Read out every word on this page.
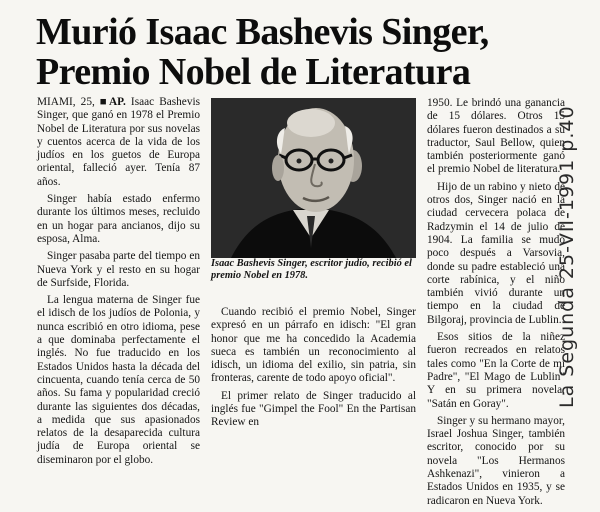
Murió Isaac Bashevis Singer,
Premio Nobel de Literatura

MIAMI, 25, ■AP. Isaac Bashevis Singer, que ganó en 1978 el Premio Nobel de Literatura por sus novelas y cuentos acerca de la vida de los judíos en los guetos de Europa oriental, falleció ayer. Tenía 87 años.

Singer había estado enfermo durante los últimos meses, recluido en un hogar para ancianos, dijo su esposa, Alma.

Singer pasaba parte del tiempo en Nueva York y el resto en su hogar de Surfside, Florida.

La lengua materna de Singer fue el idisch de los judíos de Polonia, y nunca escribió en otro idioma, pese a que dominaba perfectamente el inglés. No fue traducido en los Estados Unidos hasta la década del cincuenta, cuando tenía cerca de 50 años. Su fama y popularidad creció durante las siguientes dos décadas, a medida que sus apasionados relatos de la desaparecida cultura judía de Europa oriental se diseminaron por el globo.

Isaac Bashevis Singer, escritor judío, recibió el premio Nobel en 1978.

Cuando recibió el premio Nobel, Singer expresó en un párrafo en idisch: "El gran honor que me ha concedido la Academia sueca es también un reconocimiento al idisch, un idioma del exilio, sin patria, sin fronteras, carente de todo apoyo oficial".

El primer relato de Singer traducido al inglés fue "Gimpel the Fool" En the Partisan Review en

1950. Le brindó una ganancia de 15 dólares. Otros 15 dólares fueron destinados a su traductor, Saul Bellow, quien también posteriormente ganó el premio Nobel de literatura.

Hijo de un rabino y nieto de otros dos, Singer nació en la ciudad cervecera polaca de Radzymin el 14 de julio de 1904. La familia se mudó poco después a Varsovia, donde su padre estableció una corte rabínica, y el niño también vivió durante un tiempo en la ciudad de Bilgoraj, provincia de Lublin.

Esos sitios de la niñez fueron recreados en relatos tales como "En la Corte de mi Padre", "El Mago de Lublin" Y en su primera novela, "Satán en Goray".

Singer y su hermano mayor, Israel Joshua Singer, también escritor, conocido por su novela "Los Hermanos Ashkenazi", vinieron a Estados Unidos en 1935, y se radicaron en Nueva York.

La Segunda 25-VII-1991 p.40
